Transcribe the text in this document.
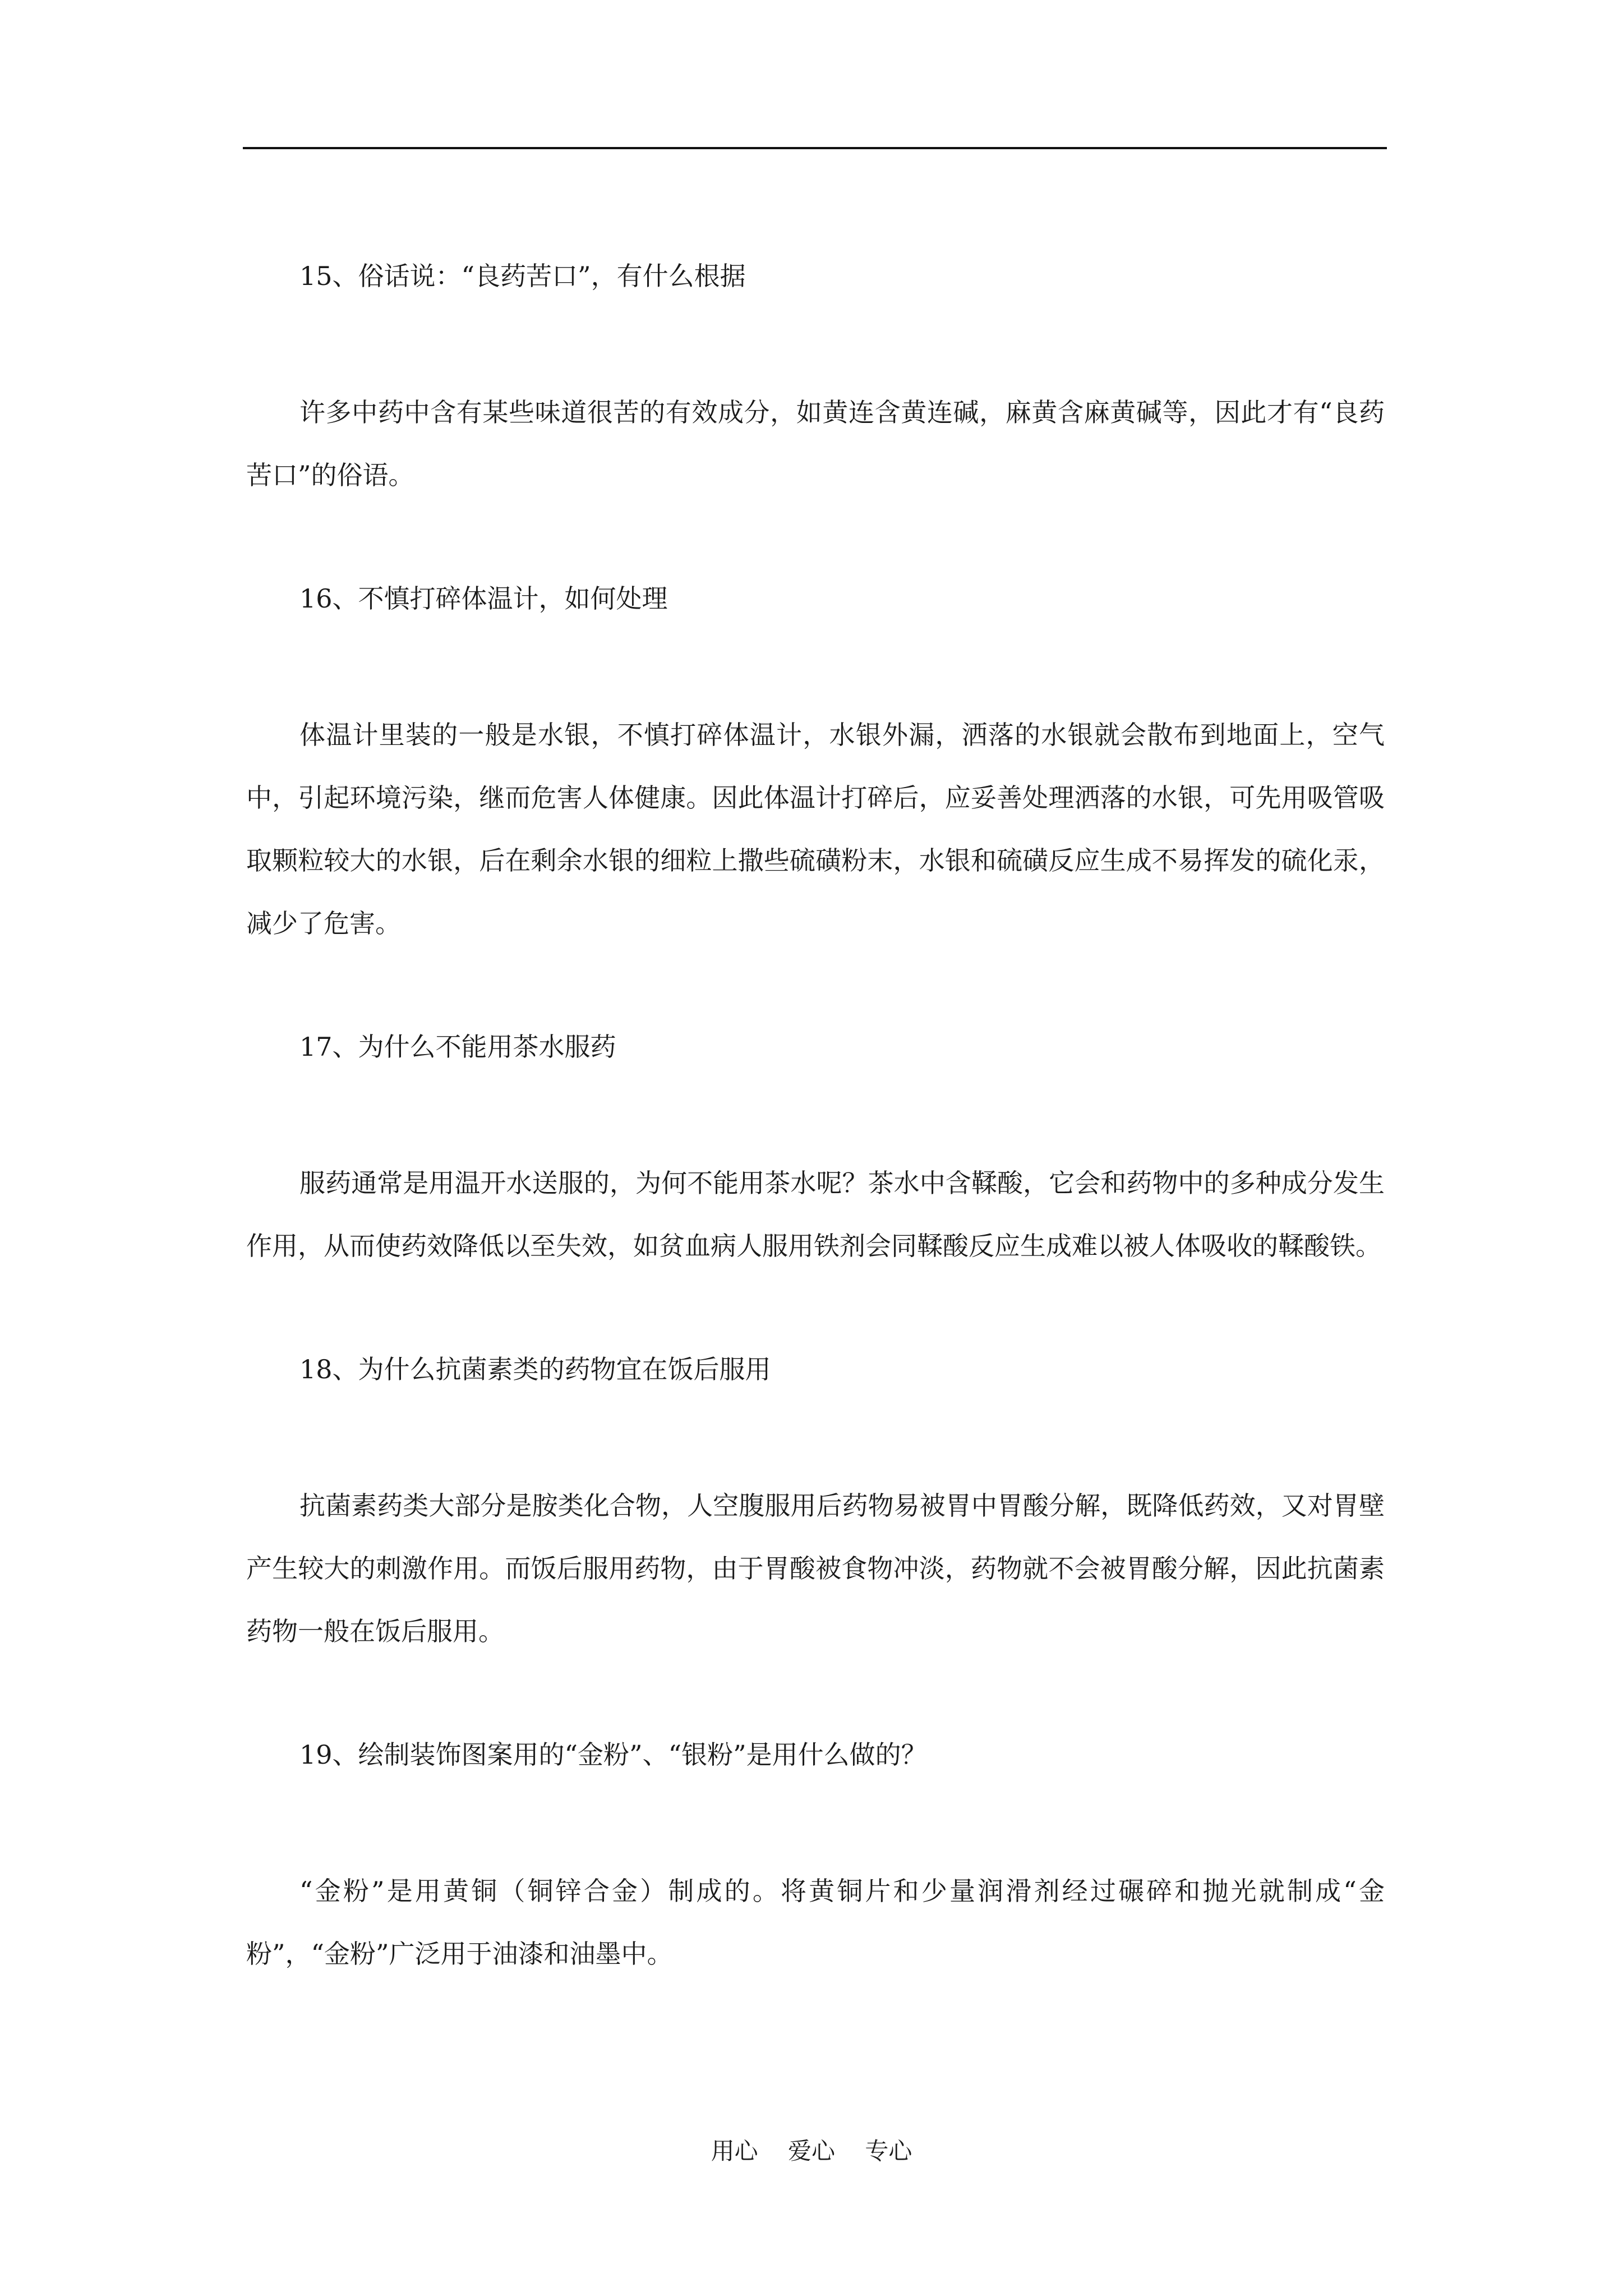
15、俗话说：“良药苦口”，有什么根据

许多中药中含有某些味道很苦的有效成分，如黄连含黄连碱，麻黄含麻黄碱等，因此才有“良药苦口”的俗语。

16、不慎打碎体温计，如何处理

体温计里装的一般是水银，不慎打碎体温计，水银外漏，洒落的水银就会散布到地面上，空气中，引起环境污染，继而危害人体健康。因此体温计打碎后，应妥善处理洒落的水银，可先用吸管吸取颗粒较大的水银，后在剩余水银的细粒上撒些硫磺粉末，水银和硫磺反应生成不易挥发的硫化汞，减少了危害。

17、为什么不能用茶水服药

服药通常是用温开水送服的，为何不能用茶水呢？茶水中含鞣酸，它会和药物中的多种成分发生作用，从而使药效降低以至失效，如贫血病人服用铁剂会同鞣酸反应生成难以被人体吸收的鞣酸铁。

18、为什么抗菌素类的药物宜在饭后服用

抗菌素药类大部分是胺类化合物，人空腹服用后药物易被胃中胃酸分解，既降低药效，又对胃壁产生较大的刺激作用。而饭后服用药物，由于胃酸被食物冲淡，药物就不会被胃酸分解，因此抗菌素药物一般在饭后服用。

19、绘制装饰图案用的“金粉”、“银粉”是用什么做的？

“金粉”是用黄铜（铜锌合金）制成的。将黄铜片和少量润滑剂经过碾碎和抛光就制成“金粉”，“金粉”广泛用于油漆和油墨中。

用心    爱心    专心
